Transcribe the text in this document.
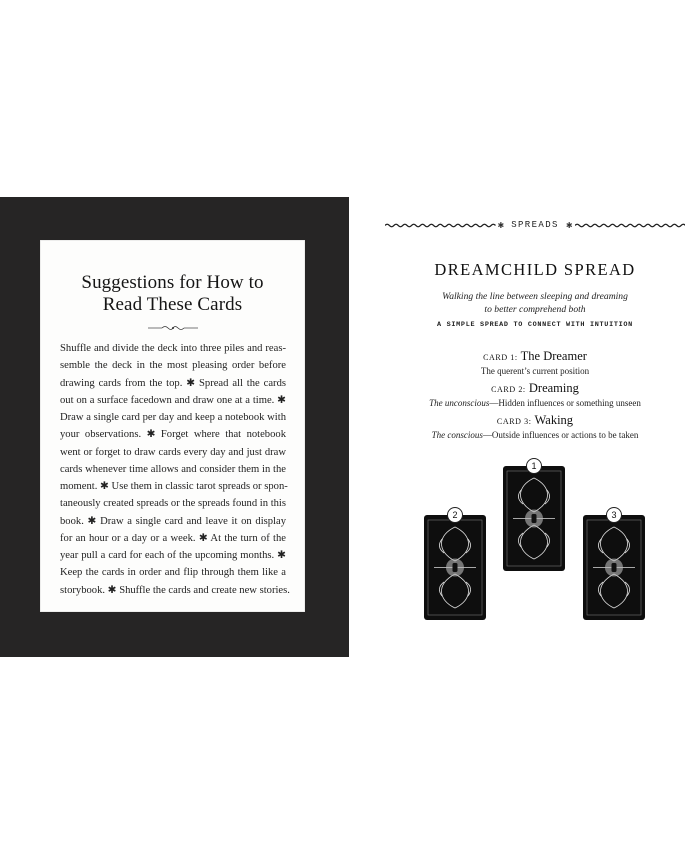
Suggestions for How to
Read These Cards
Shuffle and divide the deck into three piles and reas-
semble the deck in the most pleasing order before
drawing cards from the top. ✱ Spread all the cards
out on a surface facedown and draw one at a time. ✱
Draw a single card per day and keep a notebook with
your observations. ✱ Forget where that notebook
went or forget to draw cards every day and just draw
cards whenever time allows and consider them in the
moment. ✱ Use them in classic tarot spreads or spon-
taneously created spreads or the spreads found in this
book. ✱ Draw a single card and leave it on display
for an hour or a day or a week. ✱ At the turn of the
year pull a card for each of the upcoming months. ✱
Keep the cards in order and flip through them like a
storybook. ✱ Shuffle the cards and create new stories.
✱ SPREADS ✱
DREAMCHILD SPREAD
Walking the line between sleeping and dreaming
to better comprehend both
A SIMPLE SPREAD TO CONNECT WITH INTUITION
CARD 1: The Dreamer
The querent’s current position
CARD 2: Dreaming
The unconscious—Hidden influences or something unseen
CARD 3: Waking
The conscious—Outside influences or actions to be taken
1
2	3
